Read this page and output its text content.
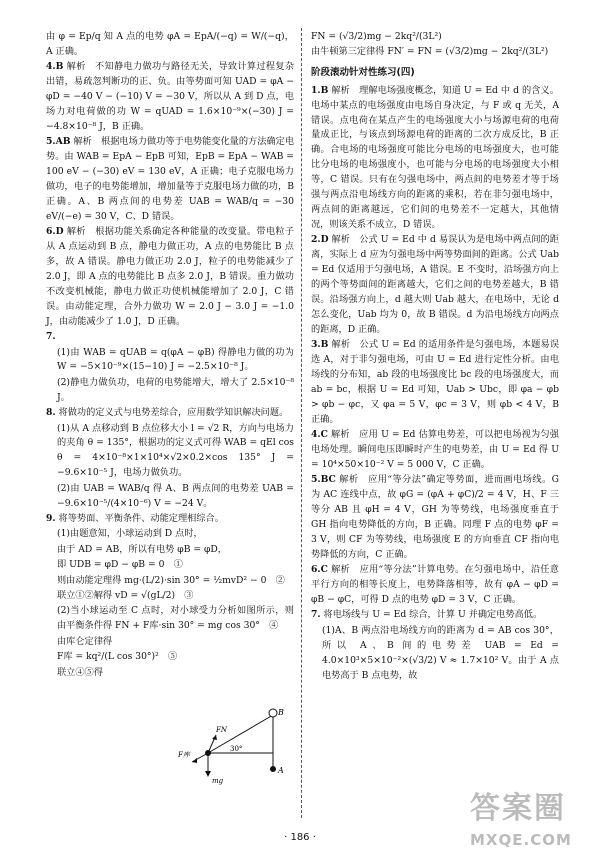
由 φ = Ep/q 知 A 点的电势 φA = EpA/(−q) = W/(−q)，A 正确。

4.B 解析　不知静电力做功与路径无关，导致计算过程复杂出错，易疏忽判断功的正、负。由等势面可知 UAD = φA − φD = −40 V − (−10) V = −30 V，所以从 A 到 D 点，电场力对电荷做的功 W = qUAD = 1.6×10⁻⁹×(−30) J = −4.8×10⁻⁸ J，B 正确。

5.AB 解析　根据电场力做功等于电势能变化量的方法确定电势。由 WAB = EpA − EpB 可知，EpB = EpA − WAB = 100 eV − (−30) eV = 130 eV，A 正确；电子克服电场力做功，电子的电势能增加，增加量等于克服电场力做的功，B 正确。A、B 两点间的电势差 UAB = WAB/q = −30 eV/(−e) = 30 V，C、D 错误。

6.D 解析　根据功能关系确定各种能量的改变量。带电粒子从 A 点运动到 B 点，静电力做正功，A 点的电势能比 B 点多，故 A 错误。静电力做正功 2.0 J，粒子的电势能减少了 2.0 J，即 A 点的电势能比 B 点多 2.0 J，B 错误。重力做功不改变机械能，静电力做正功使机械能增加了 2.0 J，C 错误。由动能定理，合外力做功 W = 2.0 J − 3.0 J = −1.0 J，由动能减少了 1.0 J，D 正确。

7.

(1)由 WAB = qUAB = q(φA − φB) 得静电力做的功为 W = −5×10⁻⁹×(15−10) J = −2.5×10⁻⁸ J。

(2)静电力做负功，电荷的电势能增大，增大了 2.5×10⁻⁸ J。

8. 将做功的定义式与电势差综合，应用数学知识解决问题。

(1)从 A 点移动到 B 点位移大小 l = √2 R，方向与电场力的夹角 θ = 135°，根据功的定义式可得 WAB = qEl cos θ = 4×10⁻⁸×1×10⁴×√2×0.2×cos 135° J = −9.6×10⁻⁵ J，电场力做负功。

(2)由 UAB = WAB/q 得 A、B 两点间的电势差 UAB = −9.6×10⁻⁵/(4×10⁻⁶) V = −24 V。

9. 将等势面、平衡条件、动能定理相综合。

(1)由题意知，小球运动到 D 点时，

由于 AD = AB，所以有电势 φB = φD，

即 UDB = φD − φB = 0　①

则由动能定理得 mg·(L/2)·sin 30° = ½mvD² − 0　②

联立①②解得 vD = √(gL/2)　③

(2)当小球运动至 C 点时，对小球受力分析如图所示，则由平衡条件得 FN + F库·sin 30° = mg cos 30°　④

由库仑定律得

F库 = kq²/(L cos 30°)²　⑤

联立④⑤得

B
FN
F库
30°
mg
A

FN = (√3/2)mg − 2kq²/(3L²)

由牛顿第三定律得 FN′ = FN = (√3/2)mg − 2kq²/(3L²)

阶段滚动针对性练习(四)

1.B 解析　理解电场强度概念，知道 U = Ed 中 d 的含义。电场中某点的电场强度由电场自身决定，与 F 或 q 无关，A 错误。点电荷在某点产生的电场强度大小与场源电荷的电荷量成正比，与该点到场源电荷的距离的二次方成反比，B 正确。合电场的电场强度可能比分电场的电场强度大，也可能比分电场的电场强度小，也可能与分电场的电场强度大小相等，C 错误。只有在匀强电场中，两点间的电势差才等于场强与两点沿电场线方向的距离的乘积，若在非匀强电场中，两点间的距离越远，它们间的电势差不一定越大，其他情况，则该关系不成立，D 错误。

2.D 解析　公式 U = Ed 中 d 易误认为是电场中两点间的距离，实际上 d 应为匀强电场中两等势面间的距离。公式 Uab = Ed 仅适用于匀强电场，A 错误。E 不变时，沿场强方向上的两个等势面间的距离越大，它们之间的电势差越大，B 错误。沿场强方向上，d 越大则 Uab 越大，在电场中，无论 d 怎么变化，Uab 均为 0，故 B 错误。d 为沿电场线方向两点的距离，D 正确。

3.B 解析　公式 U = Ed 的适用条件是匀强电场，本题易误选 A，对于非匀强电场，可由 U = Ed 进行定性分析。由电场线的分布知，ab 段的电场强度比 bc 段的电场强度大，而 ab = bc，根据 U = Ed 可知，Uab > Ubc，即 φa − φb > φb − φc，又 φa = 5 V，φc = 3 V，则 φb < 4 V，B 正确。

4.C 解析　应用 U = Ed 估算电势差，可以把电场视为匀强电场处理。瞬间电压即瞬时产生的电势差，由 U = Ed 得 U = 10⁴×50×10⁻² V = 5 000 V，C 正确。

5.BC 解析　应用“等分法”确定等势面，进而画电场线。G 为 AC 连线中点，故 φG = (φA + φC)/2 = 4 V，H、F 三等分 AB 且 φH = 4 V，GH 为等势线，电场强度垂直于 GH 指向电势降低的方向，B 正确。同理 F 点的电势 φF = 3 V，则 CF 为等势线，电场强度 E 的方向垂直 CF 指向电势降低的方向，C 正确。

6.C 解析　应用“等分法”计算电势。在匀强电场中，沿任意平行方向的相等长度上，电势降落相等，故有 φA − φD = φB − φC，可得 D 点的电势 φD = 3 V，C 正确。

7. 将电场线与 U = Ed 综合，计算 U 并确定电势高低。

(1)A、B 两点沿电场线方向的距离为 d = AB cos 30°，所以 A、B 间的电势差 UAB = Ed = 4.0×10³×5×10⁻²×(√3/2) V ≈ 1.7×10² V。由于 A 点电势高于 B 点电势，故

· 186 ·
答案圈
MXQE.COM
